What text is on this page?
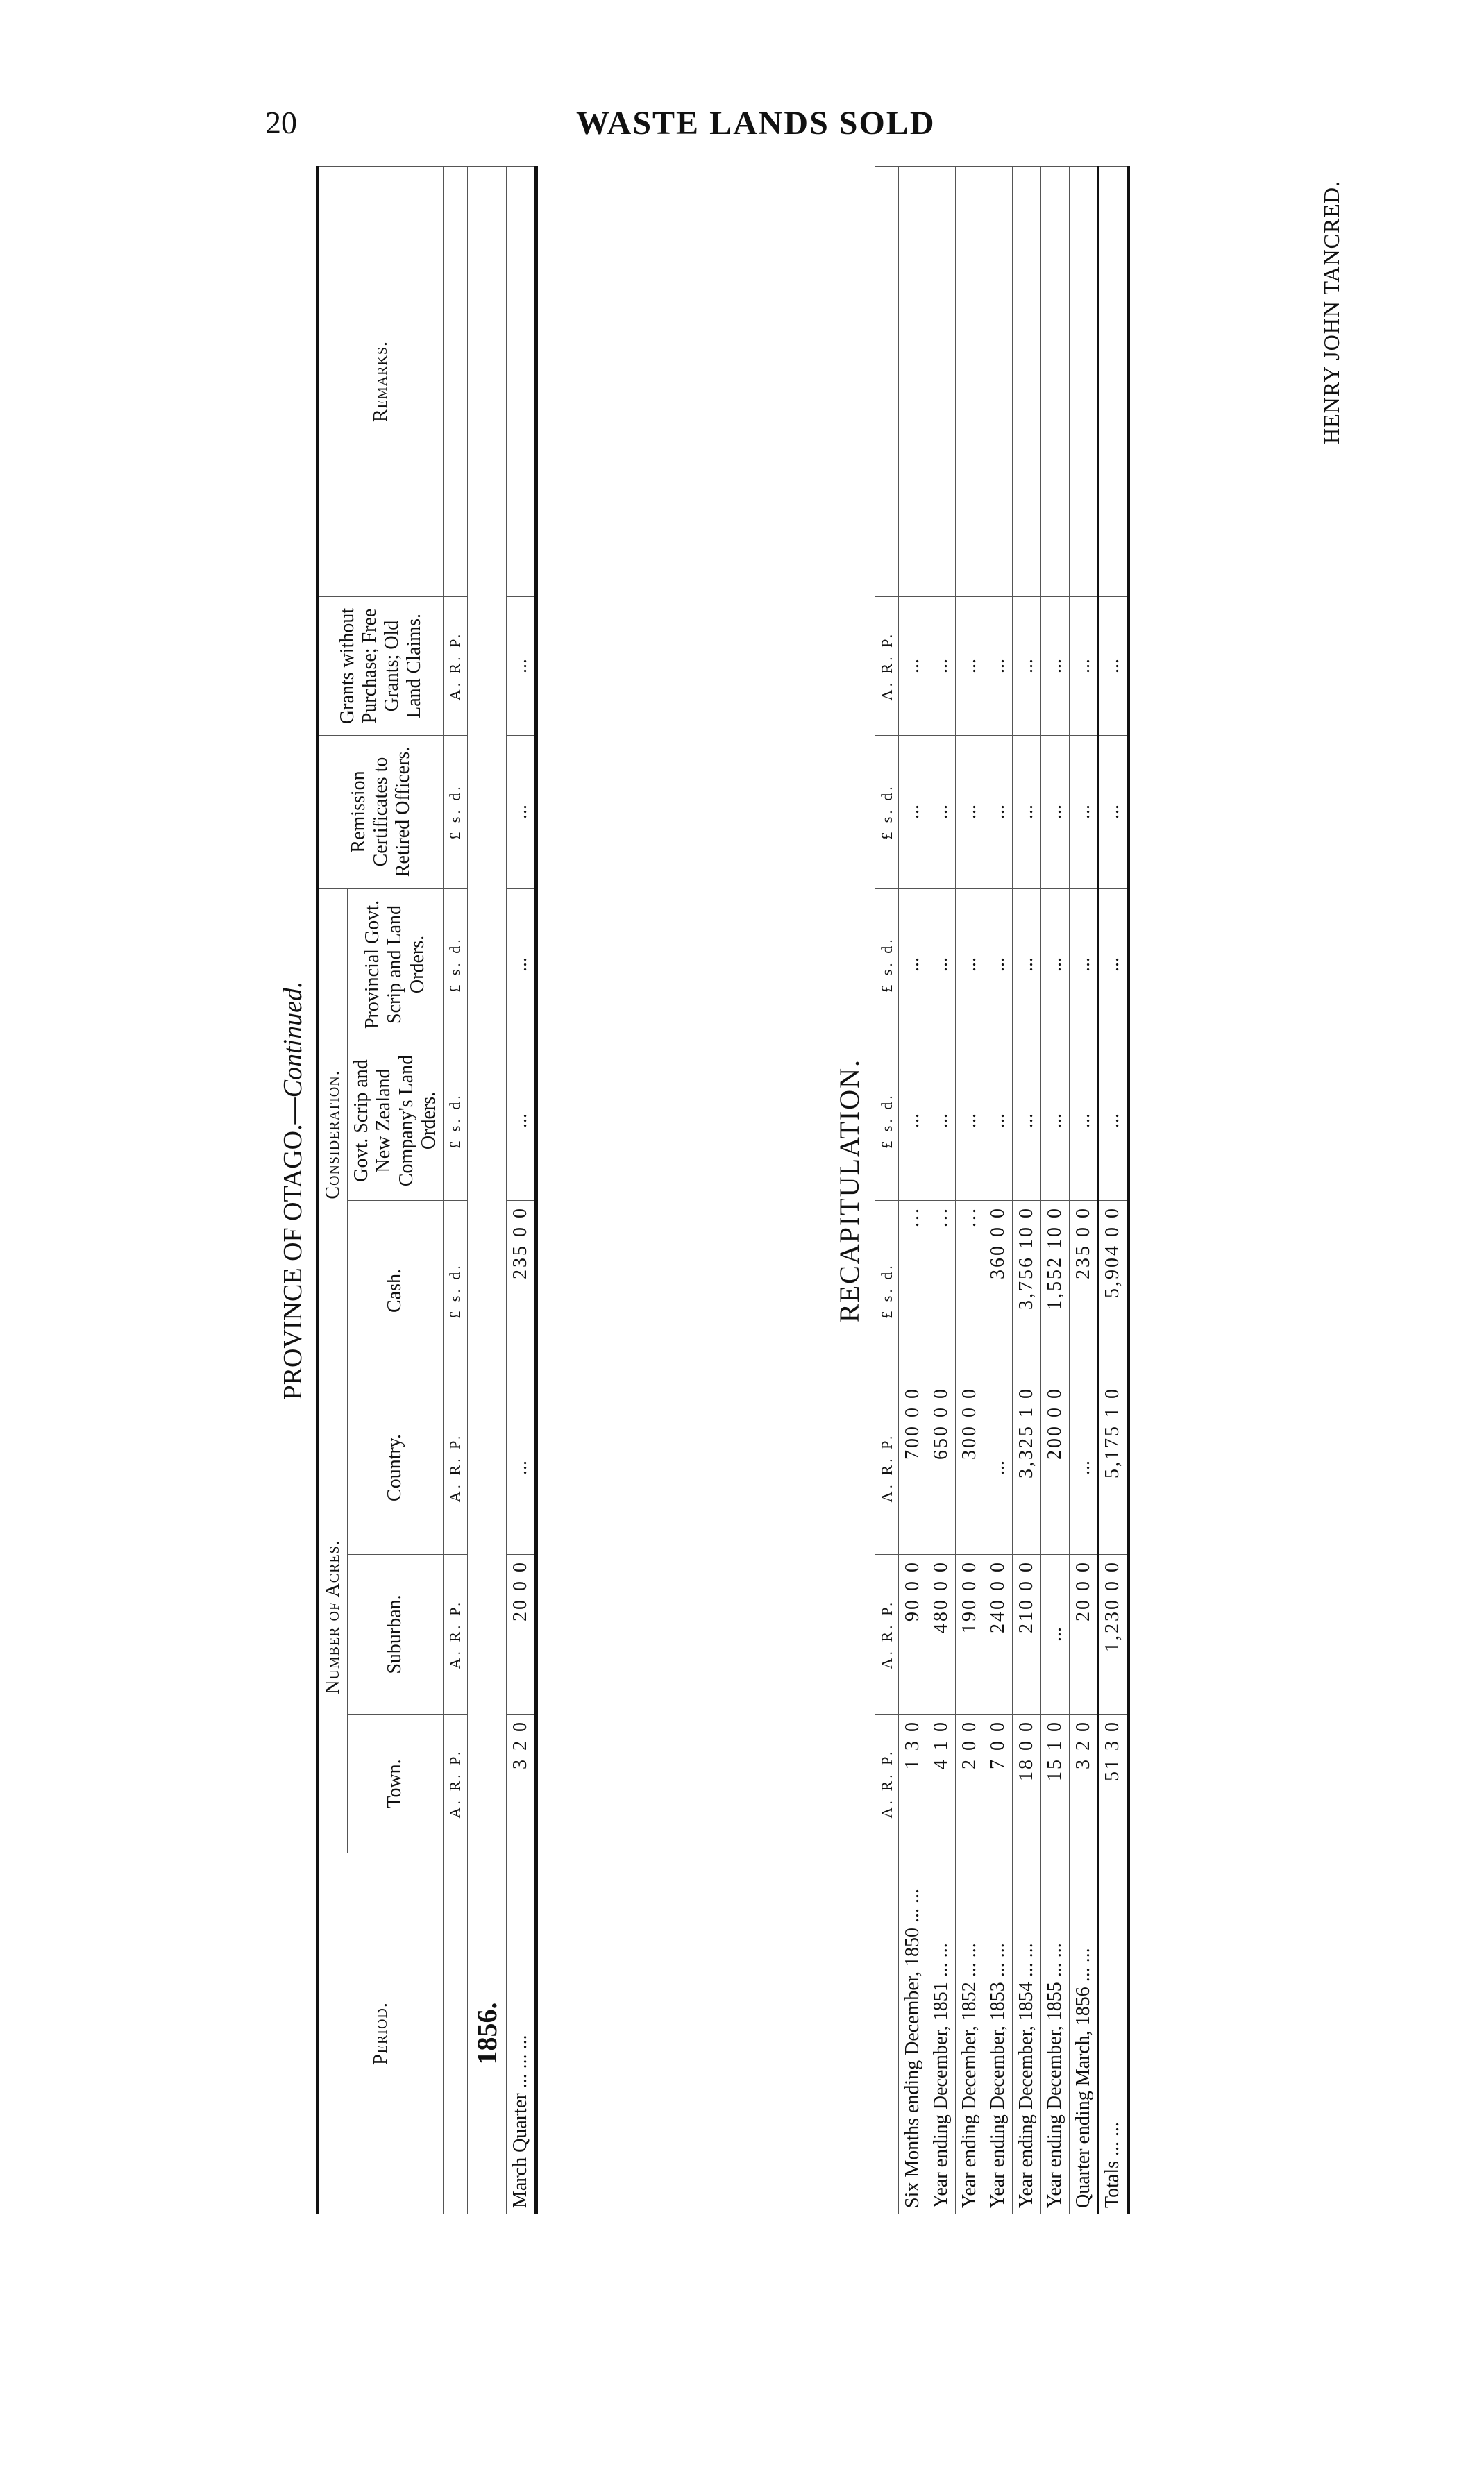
20	WASTE LANDS SOLD
PROVINCE OF OTAGO.—Continued.
Period.	Number of Acres.			Consideration.			Remission Certificates to Retired Officers.	Grants without Purchase; Free Grants; Old Land Claims.	Remarks.
	Town.	Suburban.	Country.	Cash.	Govt. Scrip and New Zealand Company's Land Orders.	Provincial Govt. Scrip and Land Orders.			
	A. R. P.	A. R. P.	A. R. P.	£ s. d.	£ s. d.	£ s. d.	£ s. d.	A. R. P.	
1856.									
March Quarter ... ... ...	3 2 0	20 0 0	...	235 0 0	...	...	...	...	
RECAPITULATION.
	A. R. P.	A. R. P.	A. R. P.	£ s. d.	£ s. d.	£ s. d.	£ s. d.	A. R. P.	
Six Months ending December, 1850 ... ...	1 3 0	90 0 0	700 0 0	...	...	...	...	...	
Year ending December, 1851 ... ...	4 1 0	480 0 0	650 0 0	...	...	...	...	...	
Year ending December, 1852 ... ...	2 0 0	190 0 0	300 0 0	...	...	...	...	...	
Year ending December, 1853 ... ...	7 0 0	240 0 0	...	360 0 0	...	...	...	...	
Year ending December, 1854 ... ...	18 0 0	210 0 0	3,325 1 0	3,756 10 0	...	...	...	...	
Year ending December, 1855 ... ...	15 1 0	...	200 0 0	1,552 10 0	...	...	...	...	
Quarter ending March, 1856 ... ...	3 2 0	20 0 0	...	235 0 0	...	...	...	...	
Totals ... ...	51 3 0	1,230 0 0	5,175 1 0	5,904 0 0	...	...	...	...	
HENRY JOHN TANCRED.
